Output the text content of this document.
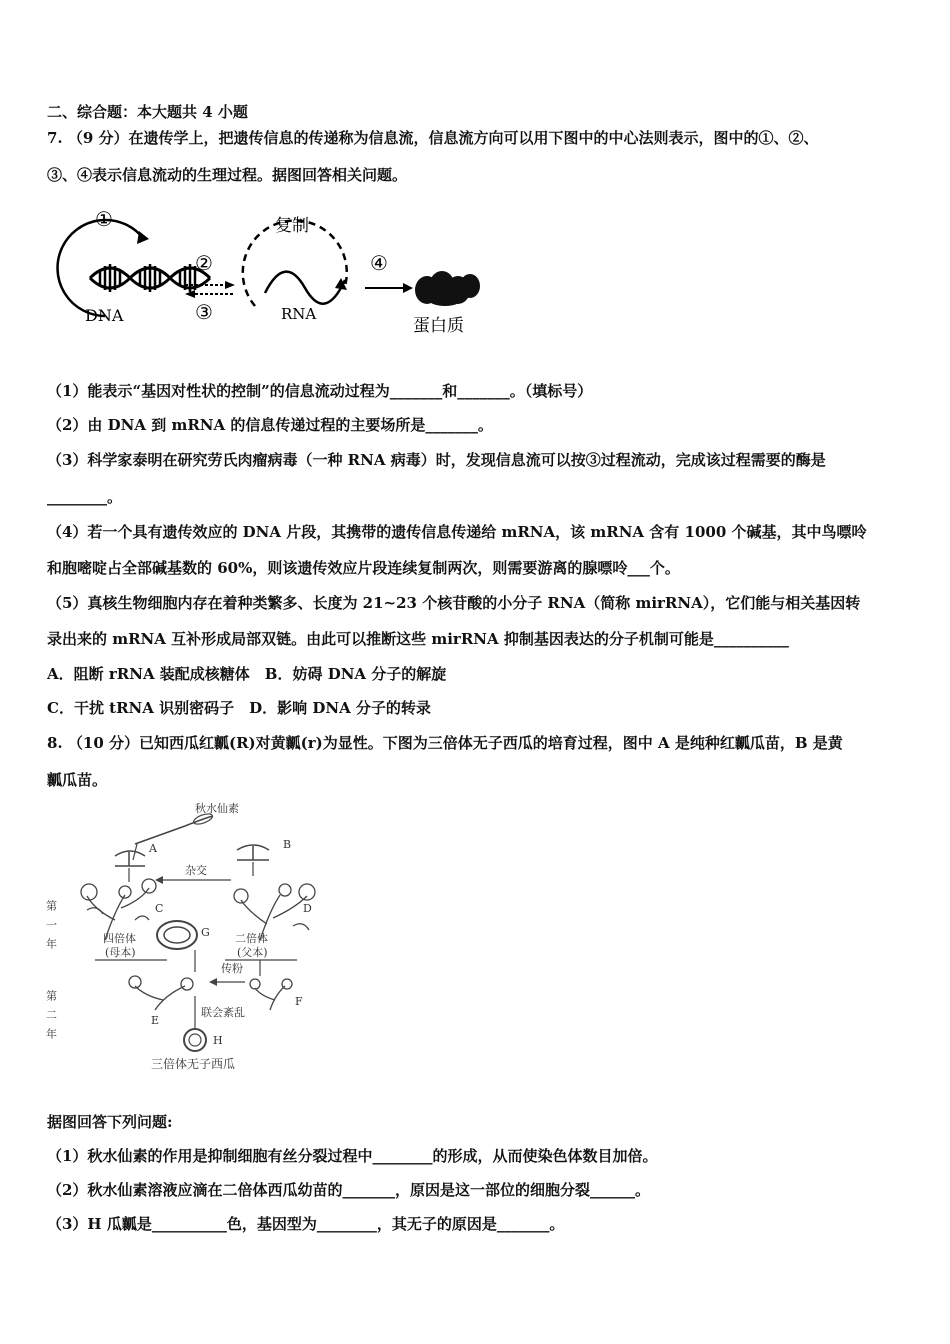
二、综合题：本大题共 4 小题
7. （9 分）在遗传学上，把遗传信息的传递称为信息流，信息流方向可以用下图中的中心法则表示，图中的①、②、
③、④表示信息流动的生理过程。据图回答相关问题。
①
DNA
②
③
复制
RNA
④
蛋白质
（1）能表示“基因对性状的控制”的信息流动过程为_______和_______。（填标号）
（2）由 DNA 到 mRNA 的信息传递过程的主要场所是_______。
（3）科学家泰明在研究劳氏肉瘤病毒（一种 RNA 病毒）时，发现信息流可以按③过程流动，完成该过程需要的酶是
________。
（4）若一个具有遗传效应的 DNA 片段，其携带的遗传信息传递给 mRNA，该 mRNA 含有 1000 个碱基，其中鸟嘌呤
和胞嘧啶占全部碱基数的 60%，则该遗传效应片段连续复制两次，则需要游离的腺嘌呤___个。
（5）真核生物细胞内存在着种类繁多、长度为 21~23 个核苷酸的小分子 RNA（简称 mirRNA），它们能与相关基因转
录出来的 mRNA 互补形成局部双链。由此可以推断这些 mirRNA 抑制基因表达的分子机制可能是__________
A．阻断 rRNA 装配成核糖体　B．妨碍 DNA 分子的解旋
C．干扰 tRNA 识别密码子　D．影响 DNA 分子的转录
8. （10 分）已知西瓜红瓤(R)对黄瓤(r)为显性。下图为三倍体无子西瓜的培育过程，图中 A 是纯种红瓤瓜苗，B 是黄
瓤瓜苗。
秋水仙素
A	B
杂交
第一年
第二年
C	D
四倍体
(母本)
二倍体
(父本)
G
传粉
E
F
联会紊乱
H
三倍体无子西瓜
据图回答下列问题:
（1）秋水仙素的作用是抑制细胞有丝分裂过程中________的形成，从而使染色体数目加倍。
（2）秋水仙素溶液应滴在二倍体西瓜幼苗的_______，原因是这一部位的细胞分裂______。
（3）H 瓜瓤是__________色，基因型为________，其无子的原因是_______。
